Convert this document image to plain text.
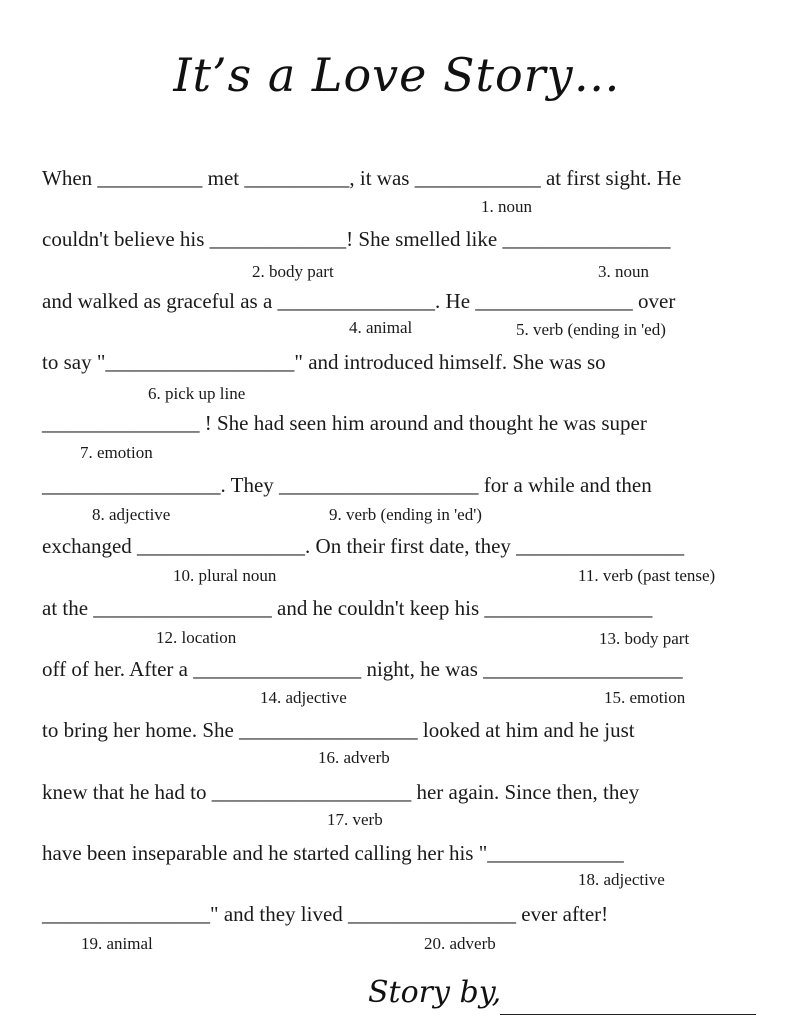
It’s a Love Story…

When __________ met __________, it was ____________ at first sight. He

1. noun

couldn't believe his _____________! She smelled like ________________

2. body part	3. noun

and walked as graceful as a _______________. He _______________ over

4. animal	5. verb (ending in 'ed)

to say "__________________" and introduced himself. She was so

6. pick up line

_______________ ! She had seen him around and thought he was super

7. emotion

_________________. They ___________________ for a while and then

8. adjective	9. verb (ending in 'ed')

exchanged ________________. On their first date, they ________________

10. plural noun	11. verb (past tense)

at the _________________ and he couldn't keep his ________________

12. location	13. body part

off of her. After a ________________ night, he was ___________________

14. adjective	15. emotion

to bring her home. She _________________ looked at him and he just

16. adverb

knew that he had to ___________________ her again. Since then, they

17. verb

have been inseparable and he started calling her his "_____________

18. adjective

________________" and they lived ________________ ever after!

19. animal	20. adverb

Story by,
